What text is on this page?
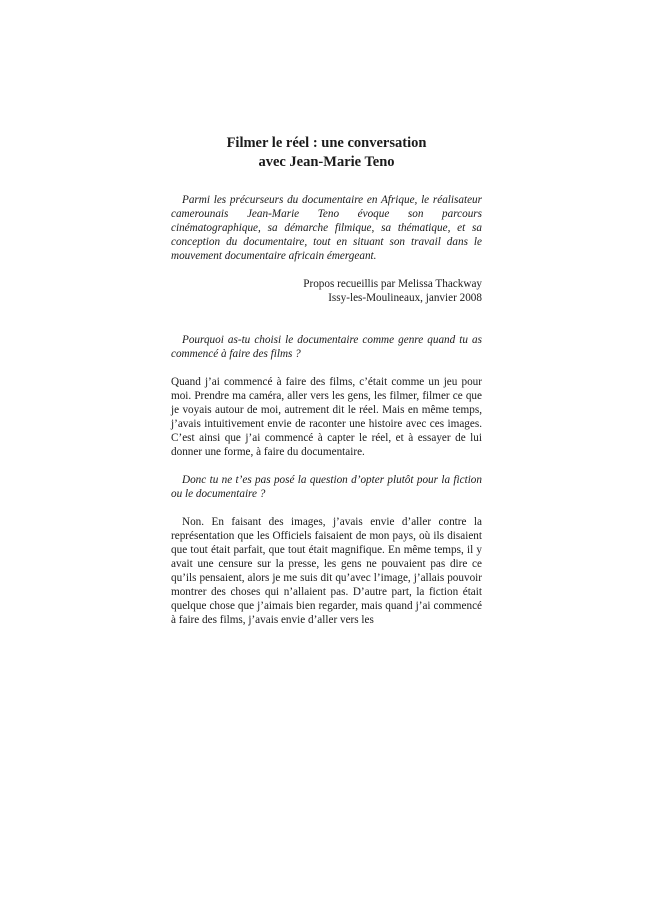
Filmer le réel : une conversation
avec Jean-Marie Teno

Parmi les précurseurs du documentaire en Afrique, le réalisateur camerounais Jean-Marie Teno évoque son parcours cinématographique, sa démarche filmique, sa thématique, et sa conception du documentaire, tout en situant son travail dans le mouvement documentaire africain émergeant.

Propos recueillis par Melissa Thackway
Issy-les-Moulineaux, janvier 2008

Pourquoi as-tu choisi le documentaire comme genre quand tu as commencé à faire des films ?

Quand j’ai commencé à faire des films, c’était comme un jeu pour moi. Prendre ma caméra, aller vers les gens, les filmer, filmer ce que je voyais autour de moi, autrement dit le réel. Mais en même temps, j’avais intuitivement envie de raconter une histoire avec ces images. C’est ainsi que j’ai commencé à capter le réel, et à essayer de lui donner une forme, à faire du documentaire.

Donc tu ne t’es pas posé la question d’opter plutôt pour la fiction ou le documentaire ?

Non. En faisant des images, j’avais envie d’aller contre la représentation que les Officiels faisaient de mon pays, où ils disaient que tout était parfait, que tout était magnifique. En même temps, il y avait une censure sur la presse, les gens ne pouvaient pas dire ce qu’ils pensaient, alors je me suis dit qu’avec l’image, j’allais pouvoir montrer des choses qui n’allaient pas. D’autre part, la fiction était quelque chose que j’aimais bien regarder, mais quand j’ai commencé à faire des films, j’avais envie d’aller vers les
